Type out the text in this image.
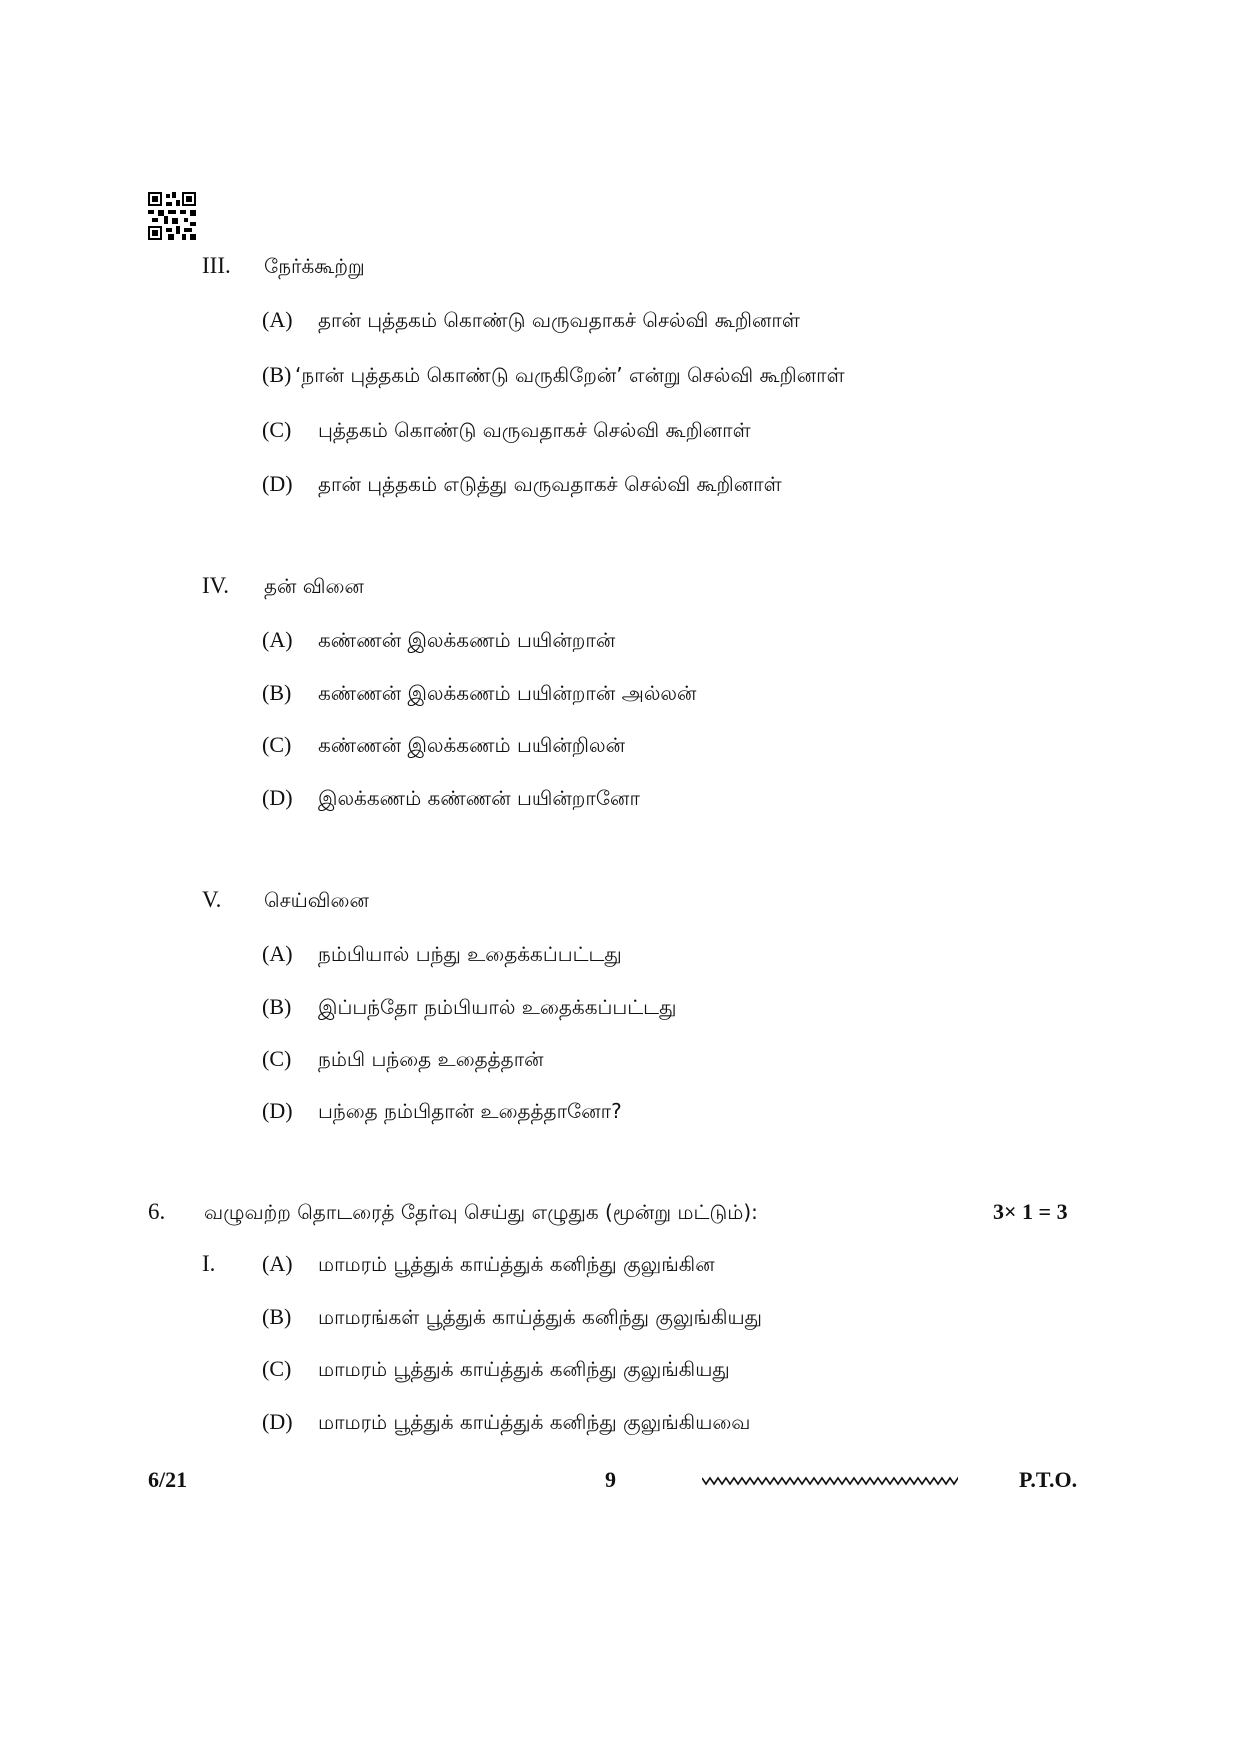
III. நேர்க்கூற்று
(A) தான் புத்தகம் கொண்டு வருவதாகச் செல்வி கூறினாள்
(B) ‘நான் புத்தகம் கொண்டு வருகிறேன்’ என்று செல்வி கூறினாள்
(C) புத்தகம் கொண்டு வருவதாகச் செல்வி கூறினாள்
(D) தான் புத்தகம் எடுத்து வருவதாகச் செல்வி கூறினாள்
IV. தன் வினை
(A) கண்ணன் இலக்கணம் பயின்றான்
(B) கண்ணன் இலக்கணம் பயின்றான் அல்லன்
(C) கண்ணன் இலக்கணம் பயின்றிலன்
(D) இலக்கணம் கண்ணன் பயின்றானோ
V. செய்வினை
(A) நம்பியால் பந்து உதைக்கப்பட்டது
(B) இப்பந்தோ நம்பியால் உதைக்கப்பட்டது
(C) நம்பி பந்தை உதைத்தான்
(D) பந்தை நம்பிதான் உதைத்தானோ?
6. வழுவற்ற தொடரைத் தேர்வு செய்து எழுதுக (மூன்று மட்டும்):	3× 1 = 3
I. (A) மாமரம் பூத்துக் காய்த்துக் கனிந்து குலுங்கின
(B) மாமரங்கள் பூத்துக் காய்த்துக் கனிந்து குலுங்கியது
(C) மாமரம் பூத்துக் காய்த்துக் கனிந்து குலுங்கியது
(D) மாமரம் பூத்துக் காய்த்துக் கனிந்து குலுங்கியவை
6/21	9	P.T.O.
